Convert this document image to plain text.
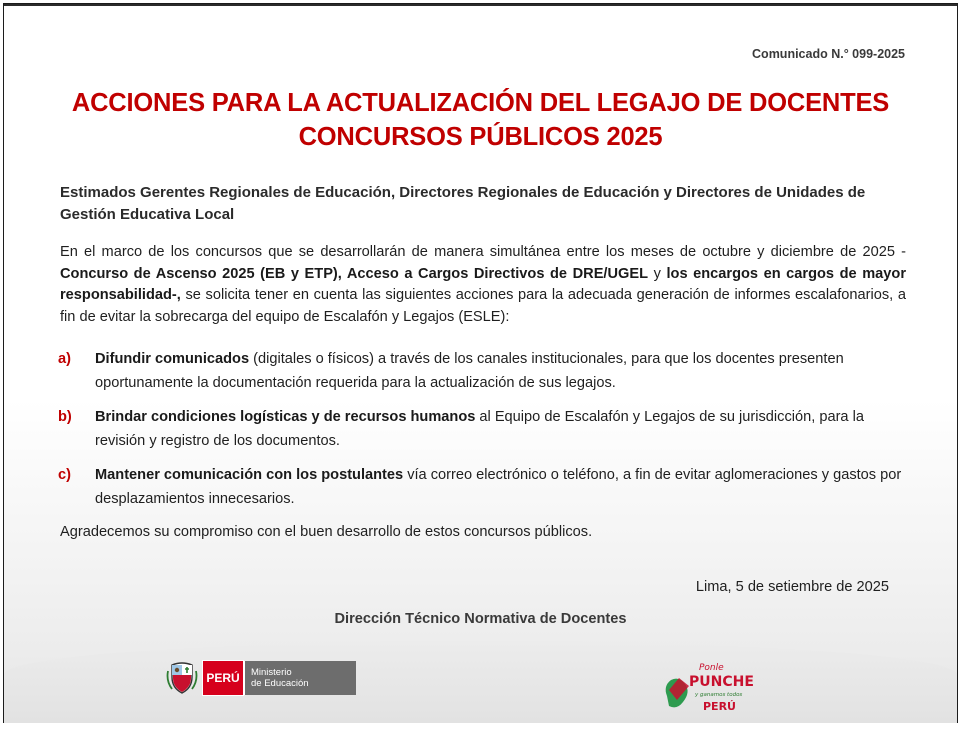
Comunicado N.° 099-2025
ACCIONES PARA LA ACTUALIZACIÓN DEL LEGAJO DE DOCENTES
CONCURSOS PÚBLICOS 2025
Estimados Gerentes Regionales de Educación, Directores Regionales de Educación y Directores de Unidades de Gestión Educativa Local
En el marco de los concursos que se desarrollarán de manera simultánea entre los meses de octubre y diciembre de 2025 -Concurso de Ascenso 2025 (EB y ETP), Acceso a Cargos Directivos de DRE/UGEL y los encargos en cargos de mayor responsabilidad-, se solicita tener en cuenta las siguientes acciones para la adecuada generación de informes escalafonarios, a fin de evitar la sobrecarga del equipo de Escalafón y Legajos (ESLE):
a) Difundir comunicados (digitales o físicos) a través de los canales institucionales, para que los docentes presenten oportunamente la documentación requerida para la actualización de sus legajos.
b) Brindar condiciones logísticas y de recursos humanos al Equipo de Escalafón y Legajos de su jurisdicción, para la revisión y registro de los documentos.
c) Mantener comunicación con los postulantes vía correo electrónico o teléfono, a fin de evitar aglomeraciones y gastos por desplazamientos innecesarios.
Agradecemos su compromiso con el buen desarrollo de estos concursos públicos.
Lima, 5 de setiembre de 2025
Dirección Técnico Normativa de Docentes
PERÚ	Ministerio
de Educación
Ponle
PUNCHE
y ganamos todos
PERÚ
